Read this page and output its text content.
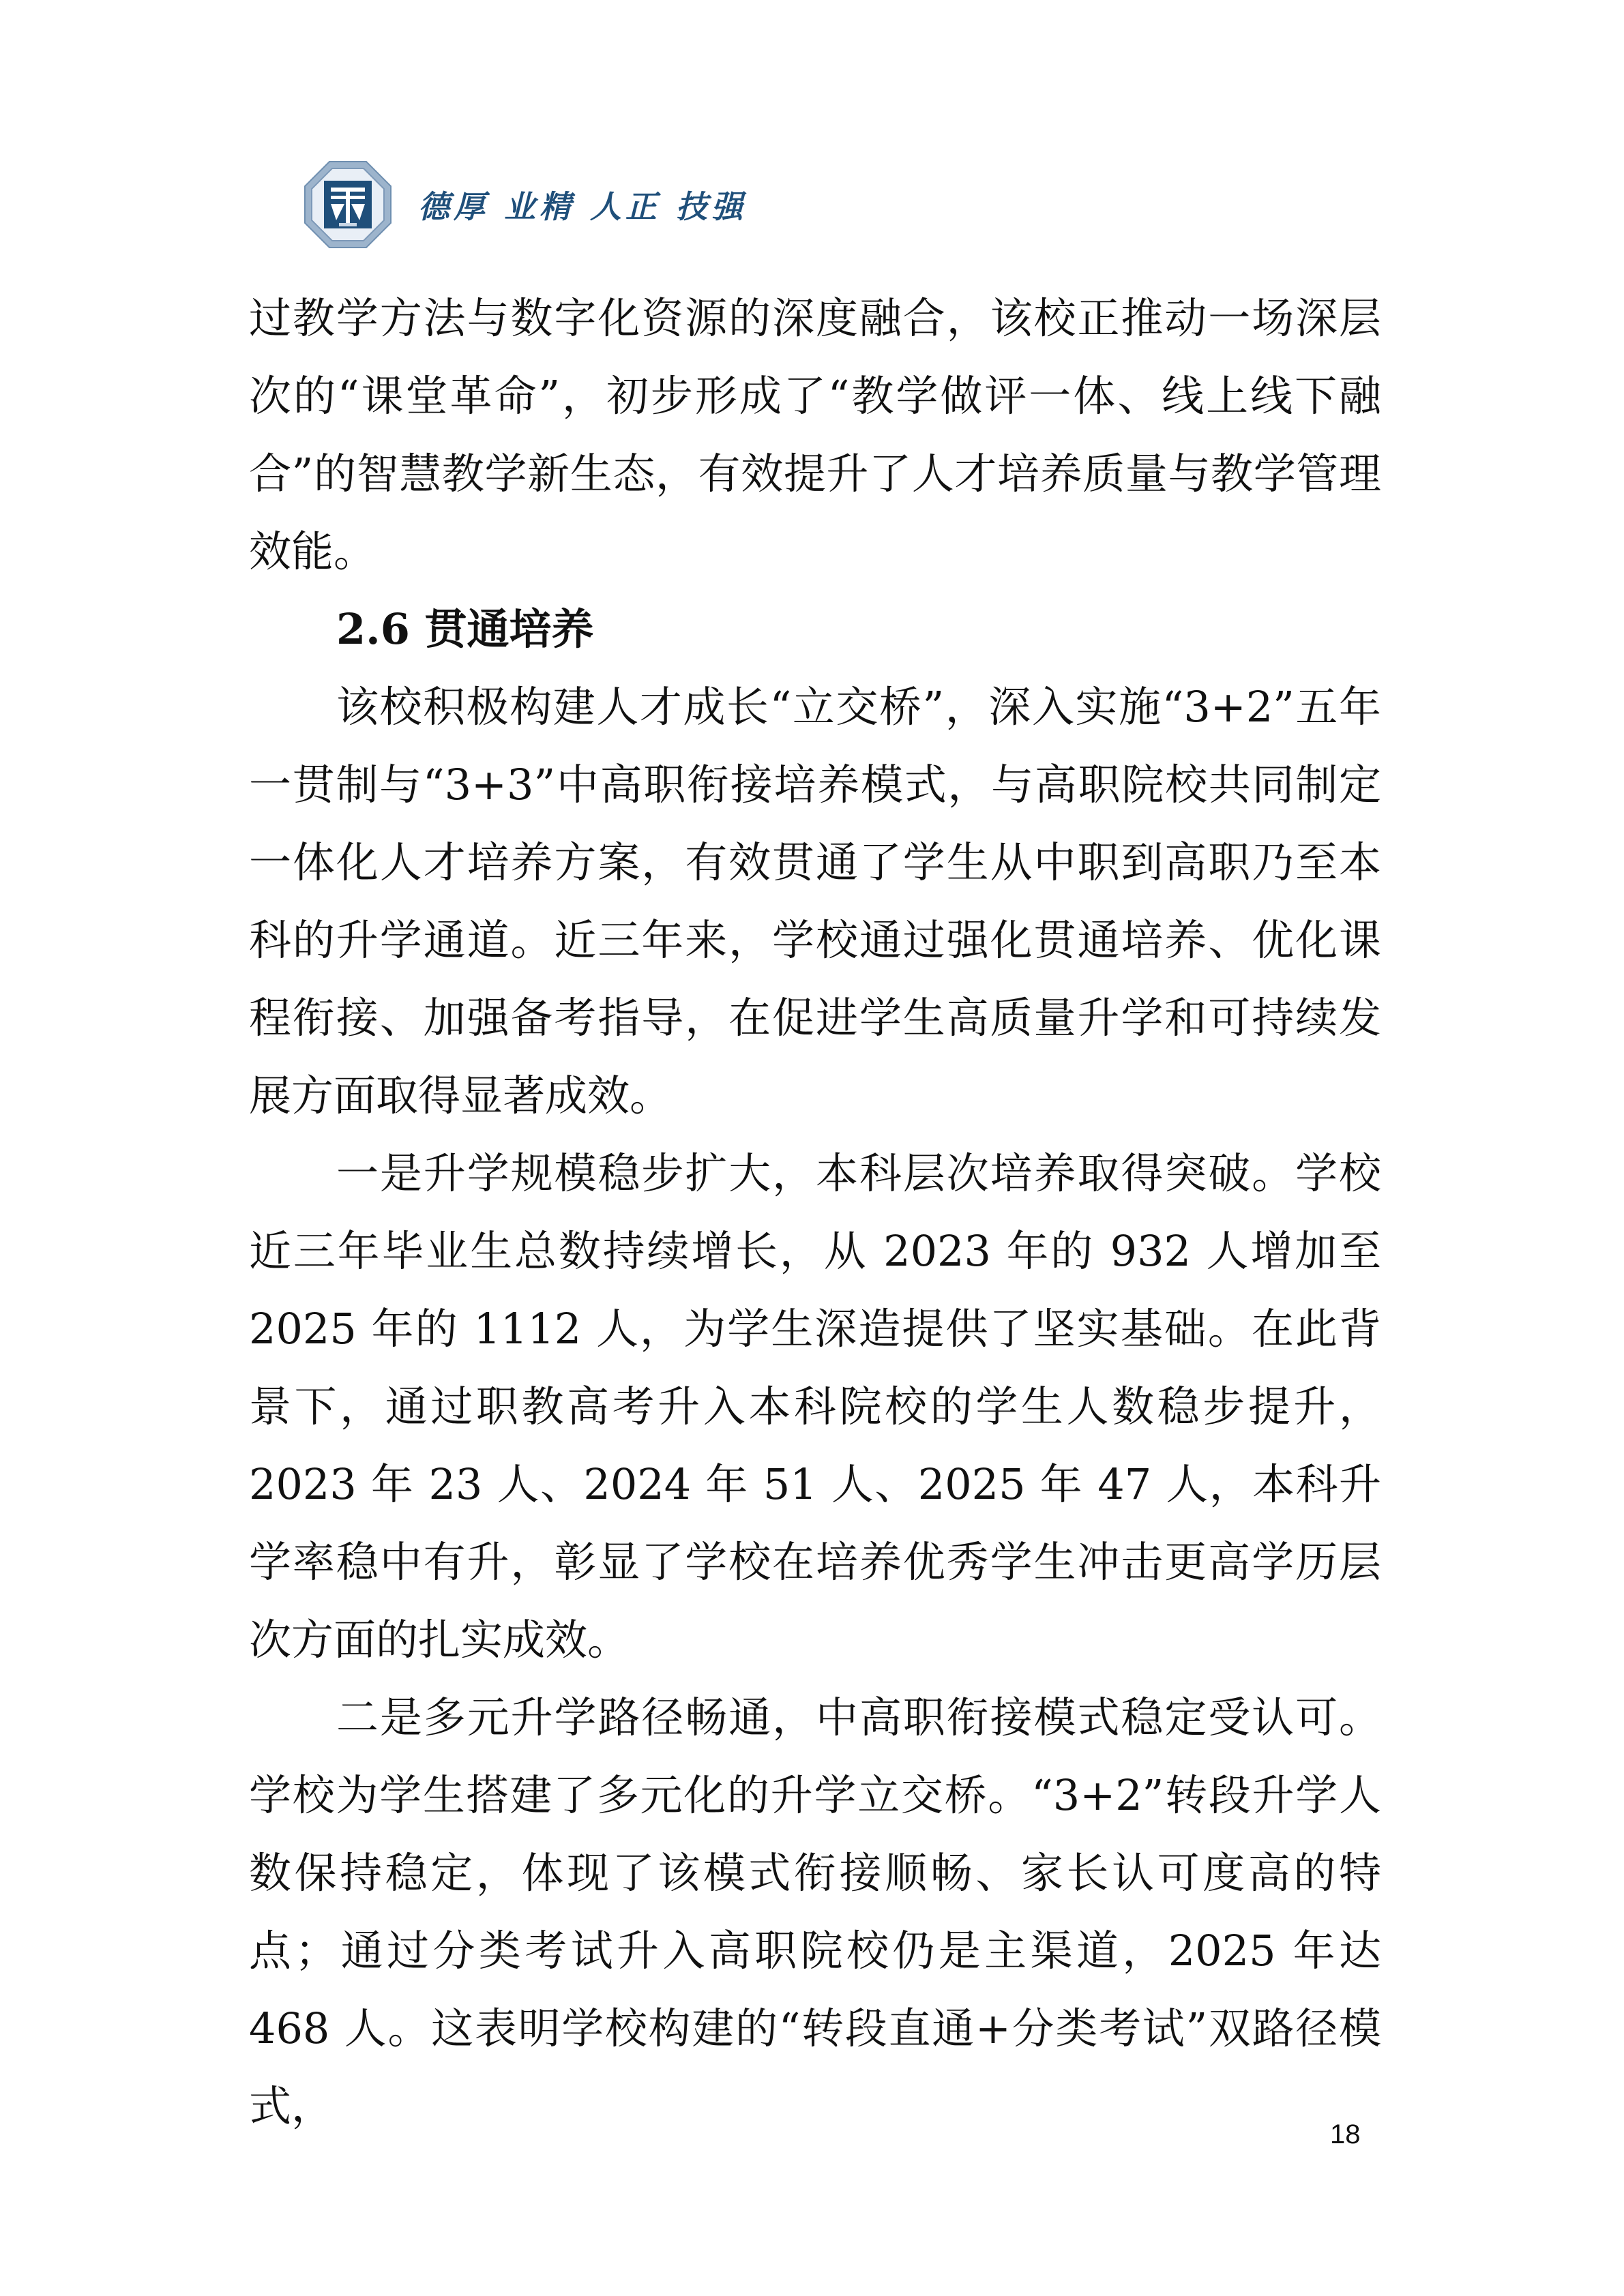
德厚 业精 人正 技强

过教学方法与数字化资源的深度融合，该校正推动一场深层次的“课堂革命”，初步形成了“教学做评一体、线上线下融合”的智慧教学新生态，有效提升了人才培养质量与教学管理效能。

2.6 贯通培养

该校积极构建人才成长“立交桥”，深入实施“3+2”五年一贯制与“3+3”中高职衔接培养模式，与高职院校共同制定一体化人才培养方案，有效贯通了学生从中职到高职乃至本科的升学通道。近三年来，学校通过强化贯通培养、优化课程衔接、加强备考指导，在促进学生高质量升学和可持续发展方面取得显著成效。

一是升学规模稳步扩大，本科层次培养取得突破。学校近三年毕业生总数持续增长，从 2023 年的 932 人增加至 2025 年的 1112 人，为学生深造提供了坚实基础。在此背景下，通过职教高考升入本科院校的学生人数稳步提升，2023 年 23 人、2024 年 51 人、2025 年 47 人，本科升学率稳中有升，彰显了学校在培养优秀学生冲击更高学历层次方面的扎实成效。

二是多元升学路径畅通，中高职衔接模式稳定受认可。学校为学生搭建了多元化的升学立交桥。“3+2”转段升学人数保持稳定，体现了该模式衔接顺畅、家长认可度高的特点；通过分类考试升入高职院校仍是主渠道，2025 年达 468 人。这表明学校构建的“转段直通+分类考试”双路径模式，

18
